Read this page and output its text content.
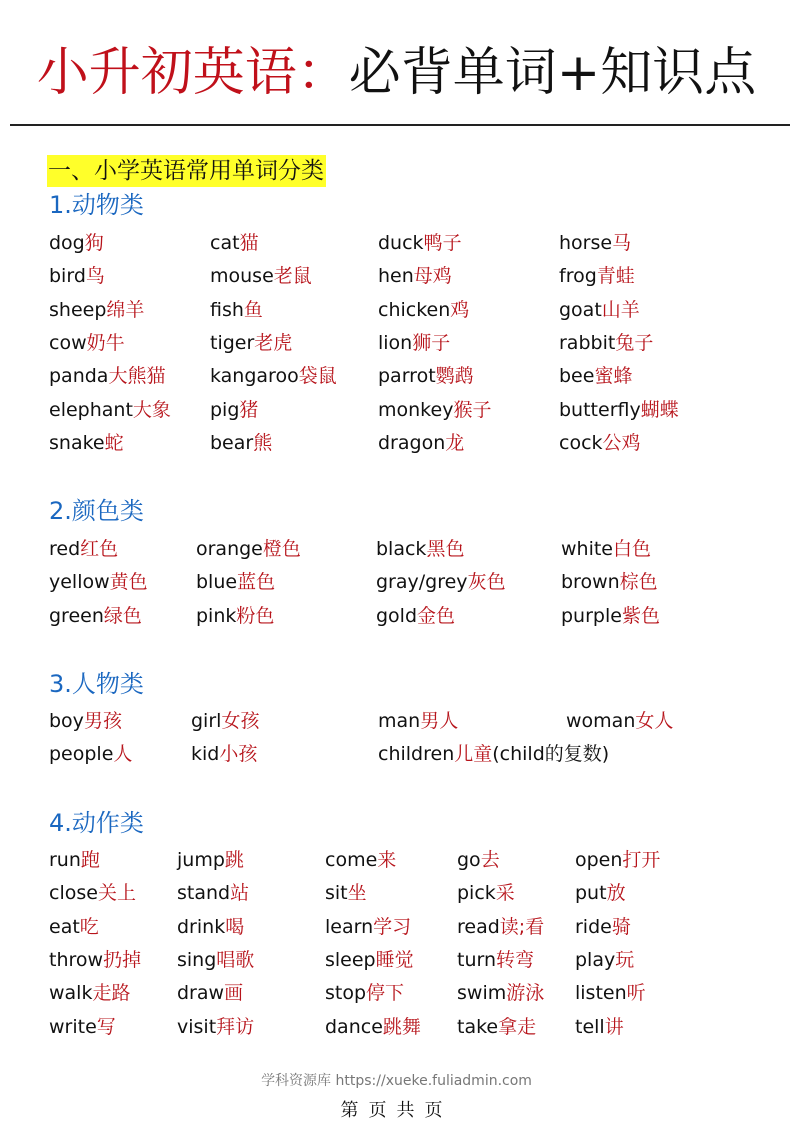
小升初英语：必背单词+知识点
一、小学英语常用单词分类
1.动物类
dog狗	cat猫	duck鸭子	horse马
bird鸟	mouse老鼠	hen母鸡	frog青蛙
sheep绵羊	fish鱼	chicken鸡	goat山羊
cow奶牛	tiger老虎	lion狮子	rabbit兔子
panda大熊猫 kangaroo袋鼠 parrot鹦鹉	bee蜜蜂
elephant大象 pig猪	monkey猴子	butterfly蝴蝶
snake蛇	bear熊	dragon龙	cock公鸡
2.颜色类
red红色	orange橙色	black黑色	white白色
yellow黄色	blue蓝色	gray/grey灰色	brown棕色
green绿色	pink粉色	gold金色	purple紫色
3.人物类
boy男孩	girl女孩	man男人	woman女人
people人	kid小孩	children儿童(child的复数)
4.动作类
run跑	jump跳	come来	go去	open打开
close关上 stand站	sit坐	pick采	put放
eat吃	drink喝	learn学习 read读;看 ride骑
throw扔掉 sing唱歌	sleep睡觉 turn转弯 play玩
walk走路 draw画	stop停下	swim游泳 listen听
write写	visit拜访	dance跳舞 take拿走 tell讲
学科资源库 https://xueke.fuliadmin.com
第页共页
